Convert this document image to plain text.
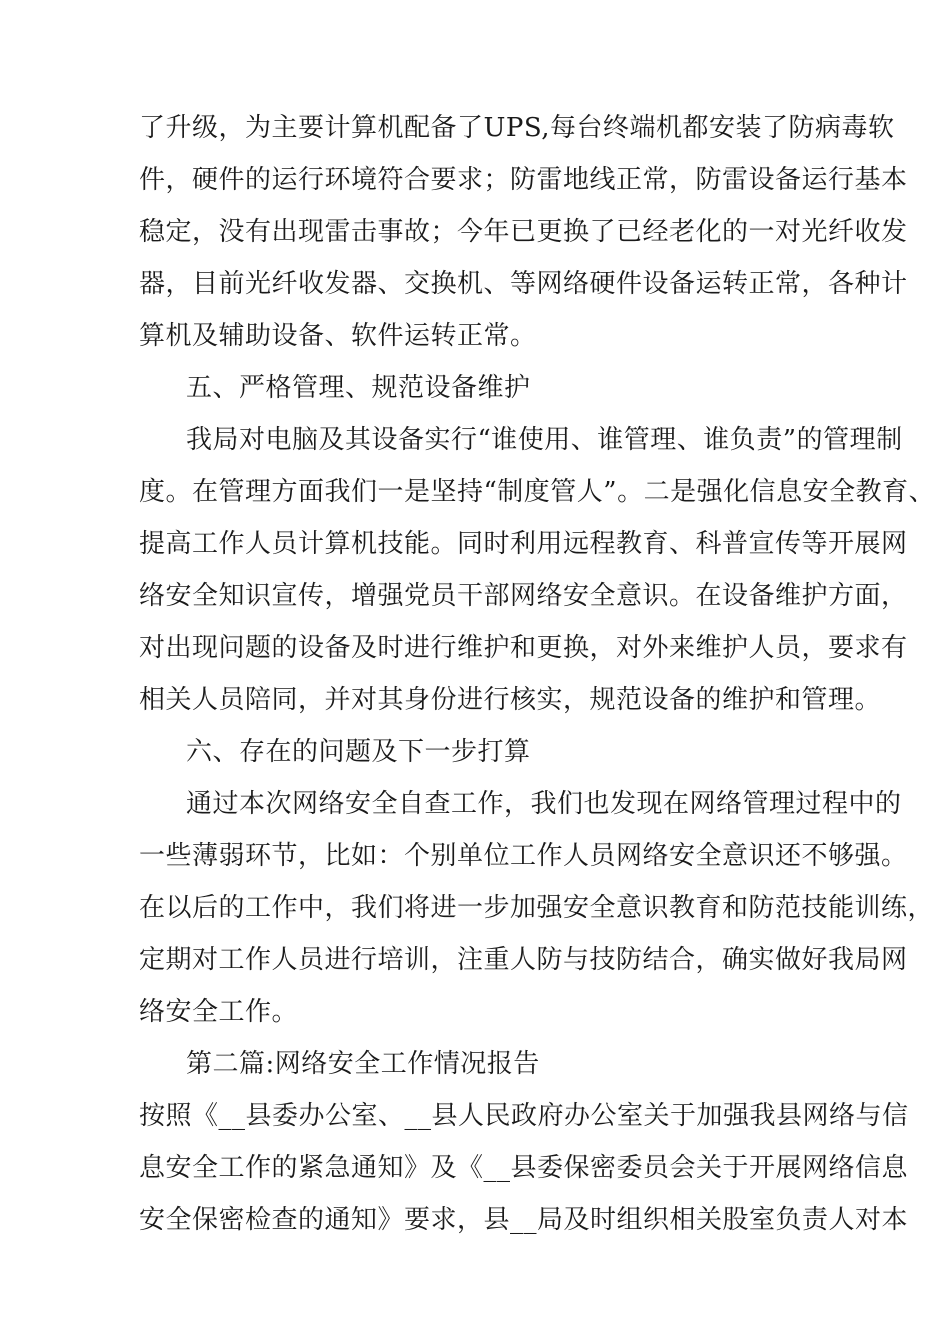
了升级，为主要计算机配备了UPS,每台终端机都安装了防病毒软
件，硬件的运行环境符合要求；防雷地线正常，防雷设备运行基本
稳定，没有出现雷击事故；今年已更换了已经老化的一对光纤收发
器，目前光纤收发器、交换机、等网络硬件设备运转正常，各种计
算机及辅助设备、软件运转正常。
五、严格管理、规范设备维护
我局对电脑及其设备实行“谁使用、谁管理、谁负责”的管理制
度。在管理方面我们一是坚持“制度管人”。二是强化信息安全教育、
提高工作人员计算机技能。同时利用远程教育、科普宣传等开展网
络安全知识宣传，增强党员干部网络安全意识。在设备维护方面，
对出现问题的设备及时进行维护和更换，对外来维护人员，要求有
相关人员陪同，并对其身份进行核实，规范设备的维护和管理。
六、存在的问题及下一步打算
通过本次网络安全自查工作，我们也发现在网络管理过程中的
一些薄弱环节，比如：个别单位工作人员网络安全意识还不够强。
在以后的工作中，我们将进一步加强安全意识教育和防范技能训练，
定期对工作人员进行培训，注重人防与技防结合，确实做好我局网
络安全工作。
第二篇:网络安全工作情况报告
按照《__县委办公室、__县人民政府办公室关于加强我县网络与信
息安全工作的紧急通知》及《__县委保密委员会关于开展网络信息
安全保密检查的通知》要求，县__局及时组织相关股室负责人对本
